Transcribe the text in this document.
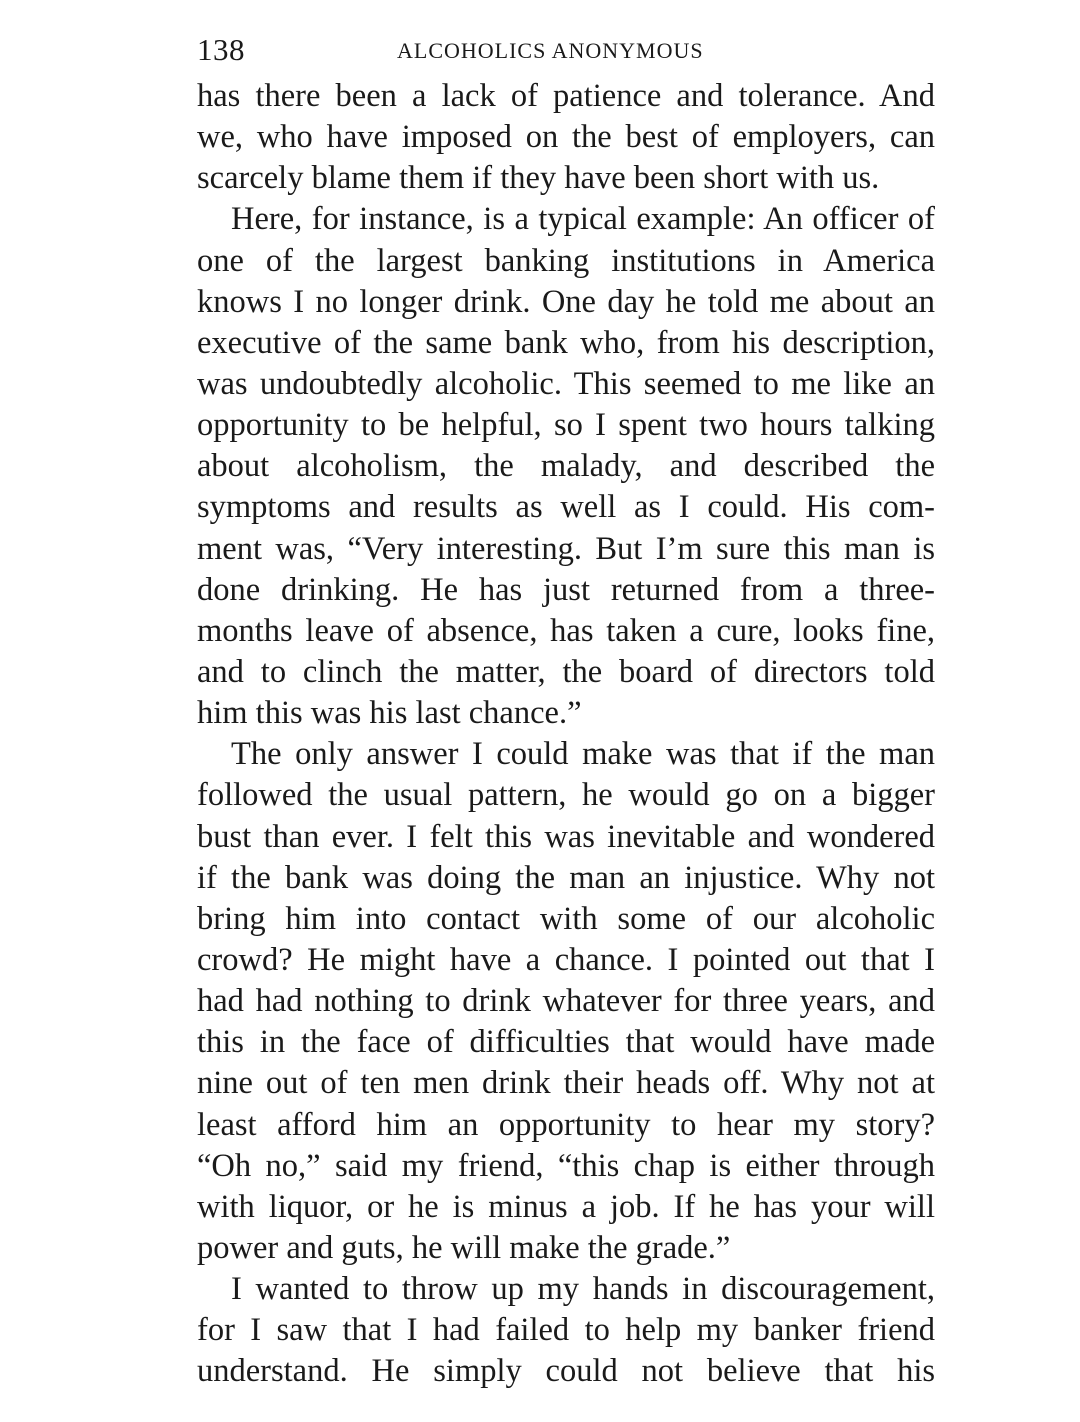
138	ALCOHOLICS ANONYMOUS
has there been a lack of patience and tolerance. And
we, who have imposed on the best of employers, can
scarcely blame them if they have been short with us.
Here, for instance, is a typical example: An officer of
one of the largest banking institutions in America
knows I no longer drink. One day he told me about an
executive of the same bank who, from his description,
was undoubtedly alcoholic. This seemed to me like an
opportunity to be helpful, so I spent two hours talking
about alcoholism, the malady, and described the
symptoms and results as well as I could. His com-
ment was, “Very interesting. But I’m sure this man is
done drinking. He has just returned from a three-
months leave of absence, has taken a cure, looks fine,
and to clinch the matter, the board of directors told
him this was his last chance.”
The only answer I could make was that if the man
followed the usual pattern, he would go on a bigger
bust than ever. I felt this was inevitable and wondered
if the bank was doing the man an injustice. Why not
bring him into contact with some of our alcoholic
crowd? He might have a chance. I pointed out that I
had had nothing to drink whatever for three years, and
this in the face of difficulties that would have made
nine out of ten men drink their heads off. Why not at
least afford him an opportunity to hear my story?
“Oh no,” said my friend, “this chap is either through
with liquor, or he is minus a job. If he has your will
power and guts, he will make the grade.”
I wanted to throw up my hands in discouragement,
for I saw that I had failed to help my banker friend
understand. He simply could not believe that his
